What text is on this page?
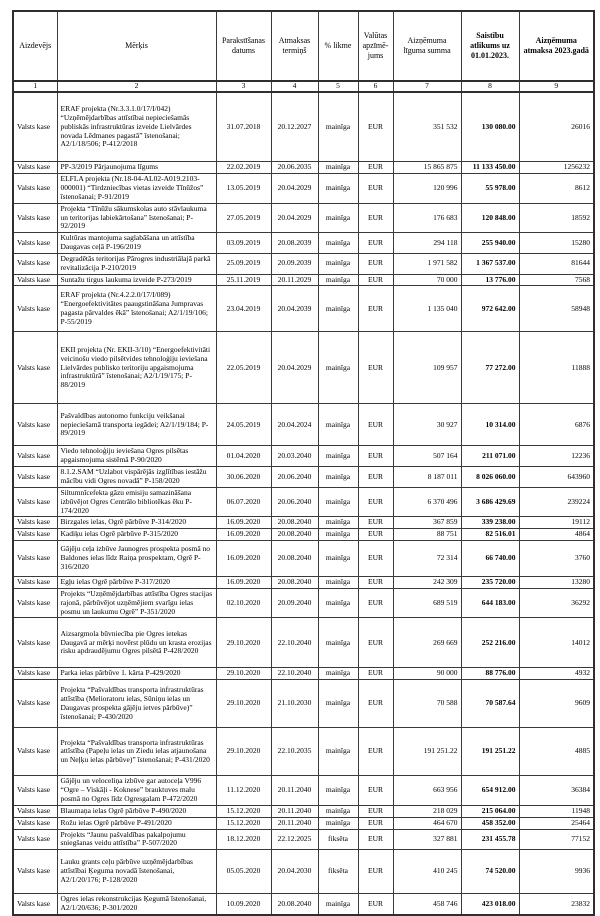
Aizdevējs	Mērķis	Parakstīšanas datums	Atmaksas termiņš	% likme	Valūtas apzīmē-jums	Aizņēmuma līguma summa	Saistību atlikums uz 01.01.2023.	Aizņēmuma atmaksa 2023.gadā
1	2	3	4	5	6	7	8	9
Valsts kase	ERAF projekta (Nr.3.3.1.0/17/I/042) “Uzņēmējdarbības attīstībai nepieciešamās publiskās infrastruktūras izveide Lielvārdes novada Lēdmanes pagastā” īstenošanai; A2/1/18/506; P-412/2018	31.07.2018	20.12.2027	mainīga	EUR	351 532	130 080.00	26016
Valsts kase	PP-3/2019 Pārjaunojuma līgums	22.02.2019	20.06.2035	mainīga	EUR	15 865 875	11 133 450.00	1256232
Valsts kase	ELFLA projekta (Nr.18-04-AL02-A019.2103-000001) “Tirdzniecības vietas izveide Tīnūžos” īstenošanai; P-91/2019	13.05.2019	20.04.2029	mainīga	EUR	120 996	55 978.00	8612
Valsts kase	Projekta “Tīnūžu sākumskolas auto stāvlaukuma un teritorijas labiekārtošana” īstenošanai; P-92/2019	27.05.2019	20.04.2029	mainīga	EUR	176 683	120 848.00	18592
Valsts kase	Kultūras mantojuma saglabāšana un attīstība Daugavas ceļā P-196/2019	03.09.2019	20.08.2039	mainīga	EUR	294 118	255 940.00	15280
Valsts kase	Degradētās teritorijas Pārogres industriālajā parkā revitalizācija P-210/2019	25.09.2019	20.09.2039	mainīga	EUR	1 971 582	1 367 537.00	81644
Valsts kase	Suntažu tirgus laukuma izveide P-273/2019	25.11.2019	20.11.2029	mainīga	EUR	70 000	13 776.00	7568
Valsts kase	ERAF projekta (Nr.4.2.2.0/17/I/089) “Energoefektivitātes paaugstināšana Jumpravas pagasta pārvaldes ēkā” īstenošanai; A2/1/19/106; P-55/2019	23.04.2019	20.04.2039	mainīga	EUR	1 135 040	972 642.00	58948
Valsts kase	EKII projekta (Nr. EKII-3/10) “Energoefektivitāti veicinošu viedo pilsētvides tehnoloģiju ieviešana Lielvārdes publisko teritoriju apgaismojuma infrastruktūrā” īstenošanai; A2/1/19/175; P-88/2019	22.05.2019	20.04.2029	mainīga	EUR	109 957	77 272.00	11888
Valsts kase	Pašvaldības autonomo funkciju veikšanai nepieciešamā transporta iegādei; A2/1/19/184; P-89/2019	24.05.2019	20.04.2024	mainīga	EUR	30 927	10 314.00	6876
Valsts kase	Viedo tehnoloģiju ieviešana Ogres pilsētas apgaismojuma sistēmā P-90/2020	01.04.2020	20.03.2040	mainīga	EUR	507 164	211 071.00	12236
Valsts kase	8.1.2.SAM “Uzlabot vispārējās izglītības iestāžu mācību vidi Ogres novadā” P-158/2020	30.06.2020	20.06.2040	mainīga	EUR	8 187 011	8 026 060.00	643960
Valsts kase	Siltumnīcefekta gāzu emisiju samazināšana izbūvējot Ogres Centrālo bibliotēkas ēku P-174/2020	06.07.2020	20.06.2040	mainīga	EUR	6 370 496	3 686 429.69	239224
Valsts kase	Birzgales ielas, Ogrē pārbūve P-314/2020	16.09.2020	20.08.2040	mainīga	EUR	367 859	339 238.00	19112
Valsts kase	Kadiķu ielas Ogrē pārbūve P-315/2020	16.09.2020	20.08.2040	mainīga	EUR	88 751	82 516.01	4864
Valsts kase	Gājēju ceļa izbūve Jaunogres prospekta posmā no Baldones ielas līdz Raiņa prospektam, Ogrē P-316/2020	16.09.2020	20.08.2040	mainīga	EUR	72 314	66 740.00	3760
Valsts kase	Egļu ielas Ogrē pārbūve P-317/2020	16.09.2020	20.08.2040	mainīga	EUR	242 309	235 720.00	13280
Valsts kase	Projekts “Uzņēmējdarbības attīstība Ogres stacijas rajonā, pārbūvējot uzņēmējiem svarīgu ielas posmu un laukumu Ogrē” P-351/2020	02.10.2020	20.09.2040	mainīga	EUR	689 519	644 183.00	36292
Valsts kase	Aizsargmola būvniecība pie Ogres ietekas Daugavā ar mērķi novērst plūdu un krasta erozijas risku apdraudējumu Ogres pilsētā P-428/2020	29.10.2020	22.10.2040	mainīga	EUR	269 669	252 216.00	14012
Valsts kase	Parka ielas pārbūve 1. kārta P-429/2020	29.10.2020	22.10.2040	mainīga	EUR	90 000	88 776.00	4932
Valsts kase	Projekta “Pašvaldības transporta infrastruktūras attīstība (Melioratoru ielas, Sūniņu ielas un Daugavas prospekta gājēju ietves pārbūve)” īstenošanai; P-430/2020	29.10.2020	21.10.2030	mainīga	EUR	70 588	70 587.64	9609
Valsts kase	Projekta “Pašvaldības transporta infrastruktūras attīstība (Papeļu ielas un Ziedu ielas atjaunošana un Neļķu ielas pārbūve)” īstenošanai; P-431/2020	29.10.2020	22.10.2035	mainīga	EUR	191 251.22	191 251.22	4885
Valsts kase	Gājēju un veloceliņa izbūve gar autoceļa V996 “Ogre – Viskāļi - Koknese” brauktuves malu posmā no Ogres līdz Ogresgalam P-472/2020	11.12.2020	20.11.2040	mainīga	EUR	663 956	654 912.00	36384
Valsts kase	Blaumaņa ielas Ogrē pārbūve P-490/2020	15.12.2020	20.11.2040	mainīga	EUR	218 029	215 064.00	11948
Valsts kase	Rožu ielas Ogrē pārbūve P-491/2020	15.12.2020	20.11.2040	mainīga	EUR	464 670	458 352.00	25464
Valsts kase	Projekts “Jaunu pašvaldības pakalpojumu sniegšanas veidu attīstība” P-507/2020	18.12.2020	22.12.2025	fiksēta	EUR	327 881	231 455.78	77152
Valsts kase	Lauku grants ceļu pārbūve uzņēmējdarbības attīstībai Ķeguma novadā īstenošanai, A2/1/20/176; P-128/2020	05.05.2020	20.04.2030	fiksēta	EUR	410 245	74 520.00	9936
Valsts kase	Ogres ielas rekonstrukcijas Ķegumā īstenošanai, A2/1/20/636; P-301/2020	10.09.2020	20.08.2040	mainīga	EUR	458 746	423 018.00	23832
